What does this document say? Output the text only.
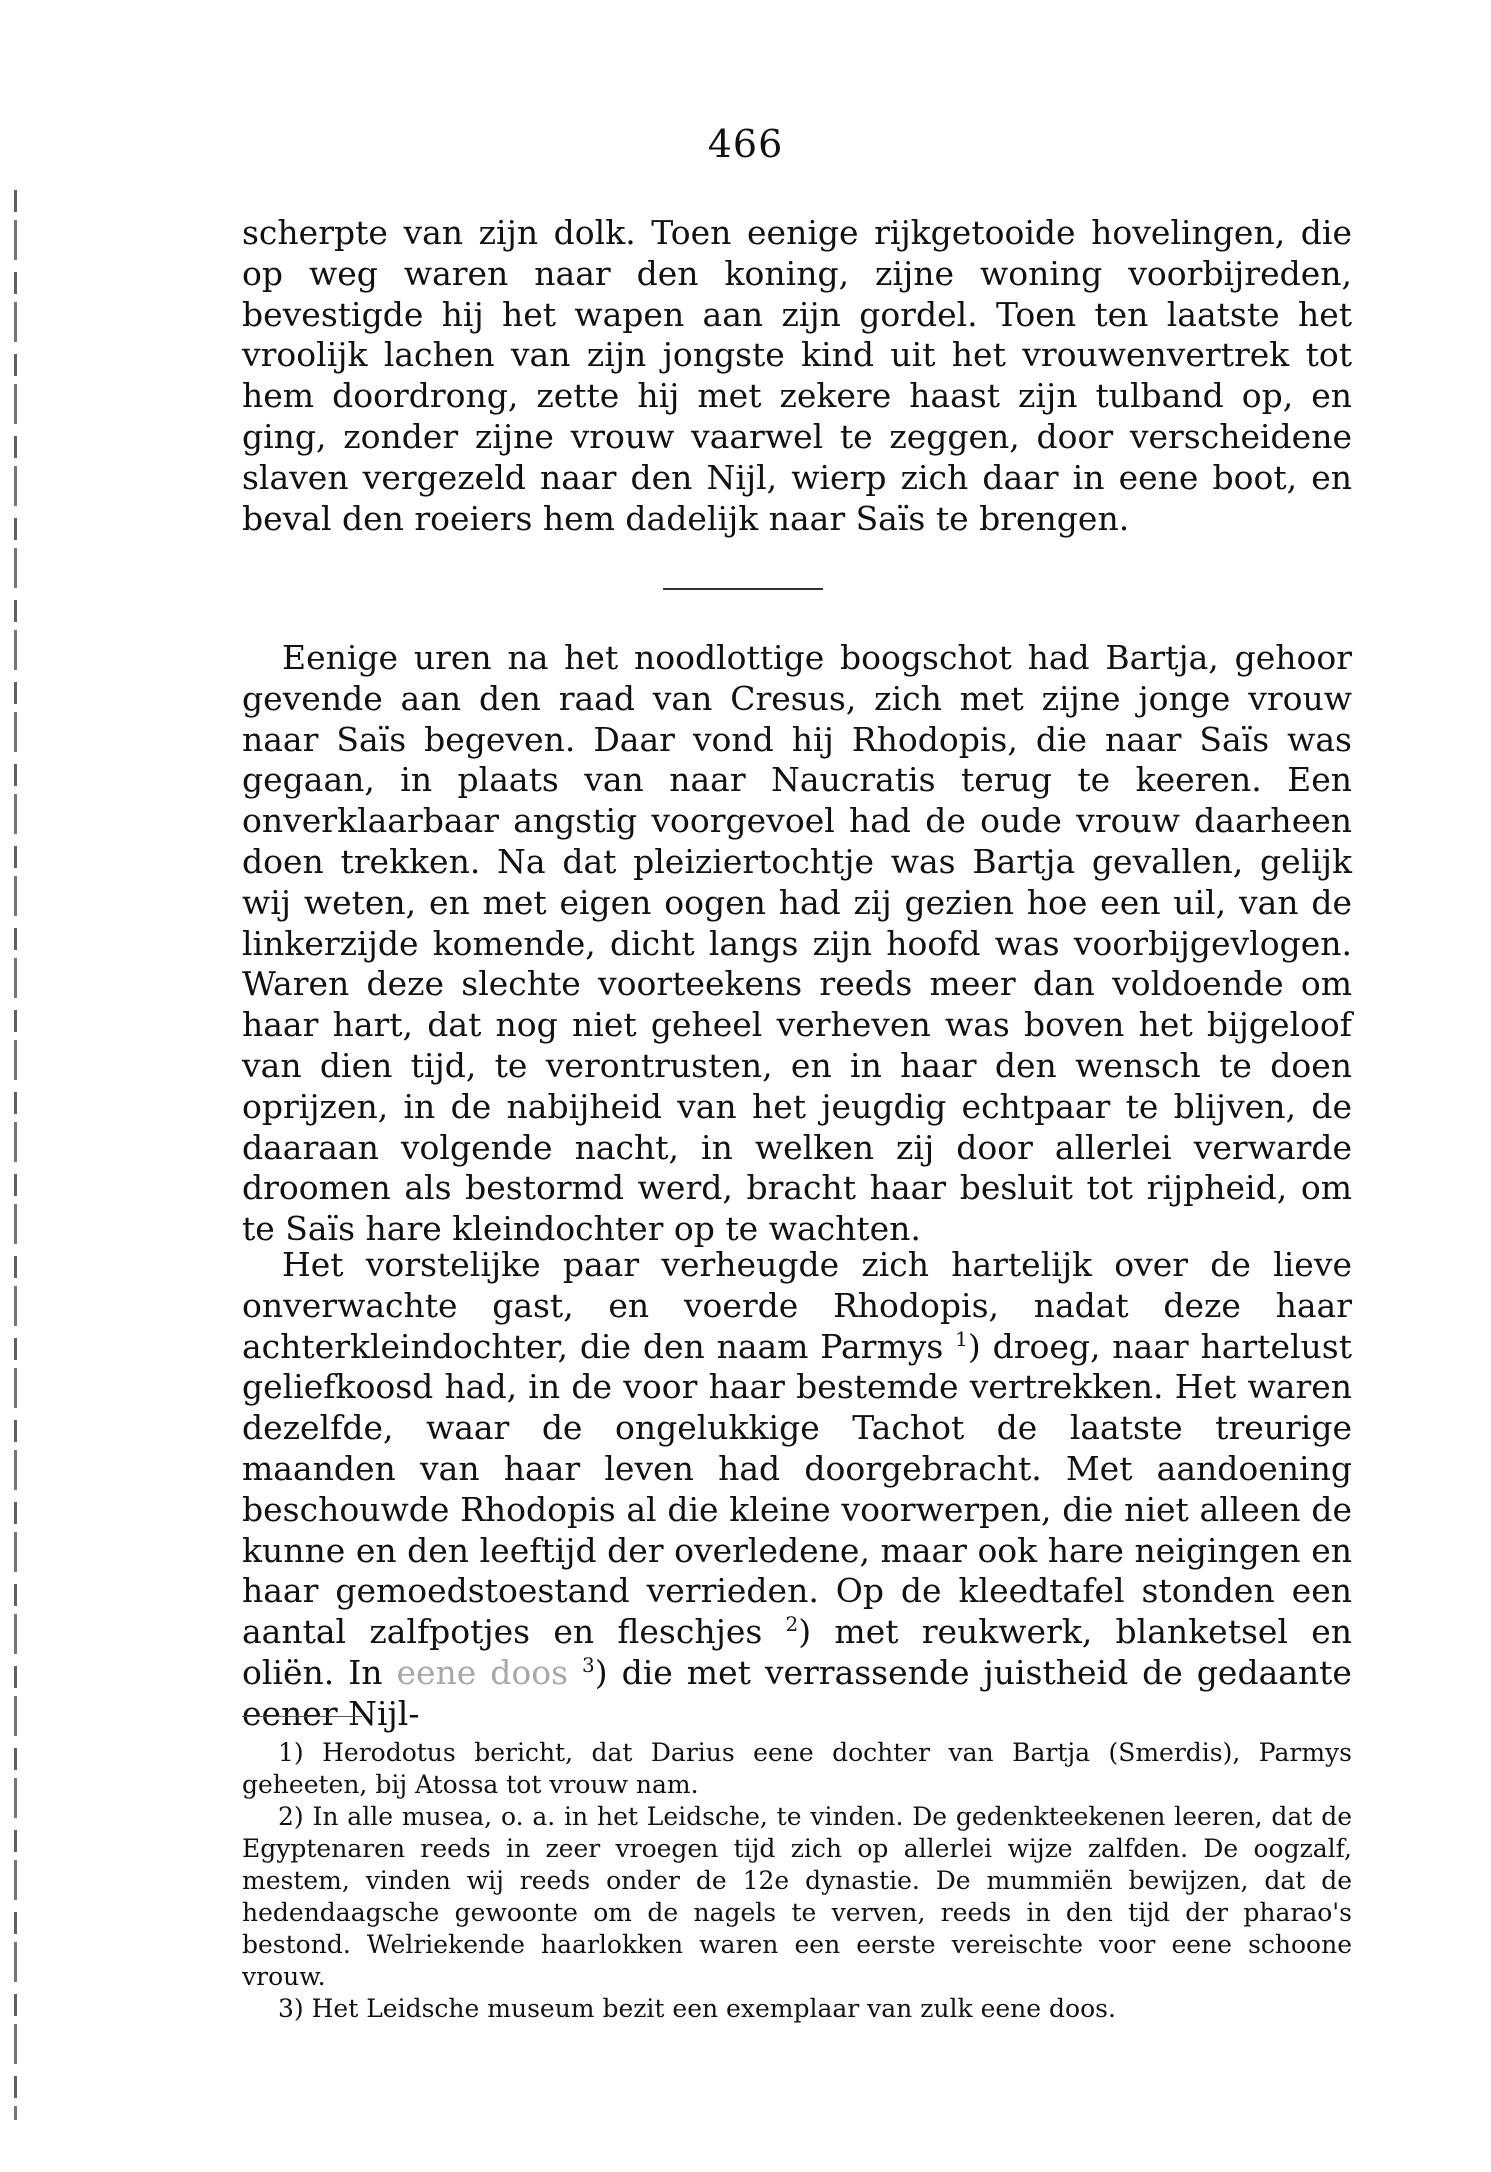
466
scherpte van zijn dolk. Toen eenige rijkgetooide hovelingen, die op weg waren naar den koning, zijne woning voorbijreden, bevestigde hij het wapen aan zijn gordel. Toen ten laatste het vroolijk lachen van zijn jongste kind uit het vrouwenvertrek tot hem doordrong, zette hij met zekere haast zijn tulband op, en ging, zonder zijne vrouw vaarwel te zeggen, door verscheidene slaven vergezeld naar den Nijl, wierp zich daar in eene boot, en beval den roeiers hem dadelijk naar Saïs te brengen.
Eenige uren na het noodlottige boogschot had Bartja, gehoor gevende aan den raad van Cresus, zich met zijne jonge vrouw naar Saïs begeven. Daar vond hij Rhodopis, die naar Saïs was gegaan, in plaats van naar Naucratis terug te keeren. Een onverklaarbaar angstig voorgevoel had de oude vrouw daarheen doen trekken. Na dat pleiziertochtje was Bartja gevallen, gelijk wij weten, en met eigen oogen had zij gezien hoe een uil, van de linkerzijde komende, dicht langs zijn hoofd was voorbijgevlogen. Waren deze slechte voorteekens reeds meer dan voldoende om haar hart, dat nog niet geheel verheven was boven het bijgeloof van dien tijd, te verontrusten, en in haar den wensch te doen oprijzen, in de nabijheid van het jeugdig echtpaar te blijven, de daaraan volgende nacht, in welken zij door allerlei verwarde droomen als bestormd werd, bracht haar besluit tot rijpheid, om te Saïs hare kleindochter op te wachten.
Het vorstelijke paar verheugde zich hartelijk over de lieve onverwachte gast, en voerde Rhodopis, nadat deze haar achterkleindochter, die den naam Parmys $^1$) droeg, naar hartelust geliefkoosd had, in de voor haar bestemde vertrekken. Het waren dezelfde, waar de ongelukkige Tachot de laatste treurige maanden van haar leven had doorgebracht. Met aandoening beschouwde Rhodopis al die kleine voorwerpen, die niet alleen de kunne en den leeftijd der overledene, maar ook hare neigingen en haar gemoedstoestand verrieden. Op de kleedtafel stonden een aantal zalfpotjes en fleschjes $^2$) met reukwerk, blanketsel en oliën. In eene doos $^3$) die met verrassende juistheid de gedaante eener Nijl-

1) Herodotus bericht, dat Darius eene dochter van Bartja (Smerdis), Parmys geheeten, bij Atossa tot vrouw nam.

2) In alle musea, o. a. in het Leidsche, te vinden. De gedenkteekenen leeren, dat de Egyptenaren reeds in zeer vroegen tijd zich op allerlei wijze zalfden. De oogzalf, mestem, vinden wij reeds onder de 12e dynastie. De mummiën bewijzen, dat de hedendaagsche gewoonte om de nagels te verven, reeds in den tijd der pharao's bestond. Welriekende haarlokken waren een eerste vereischte voor eene schoone vrouw.

3) Het Leidsche museum bezit een exemplaar van zulk eene doos.
